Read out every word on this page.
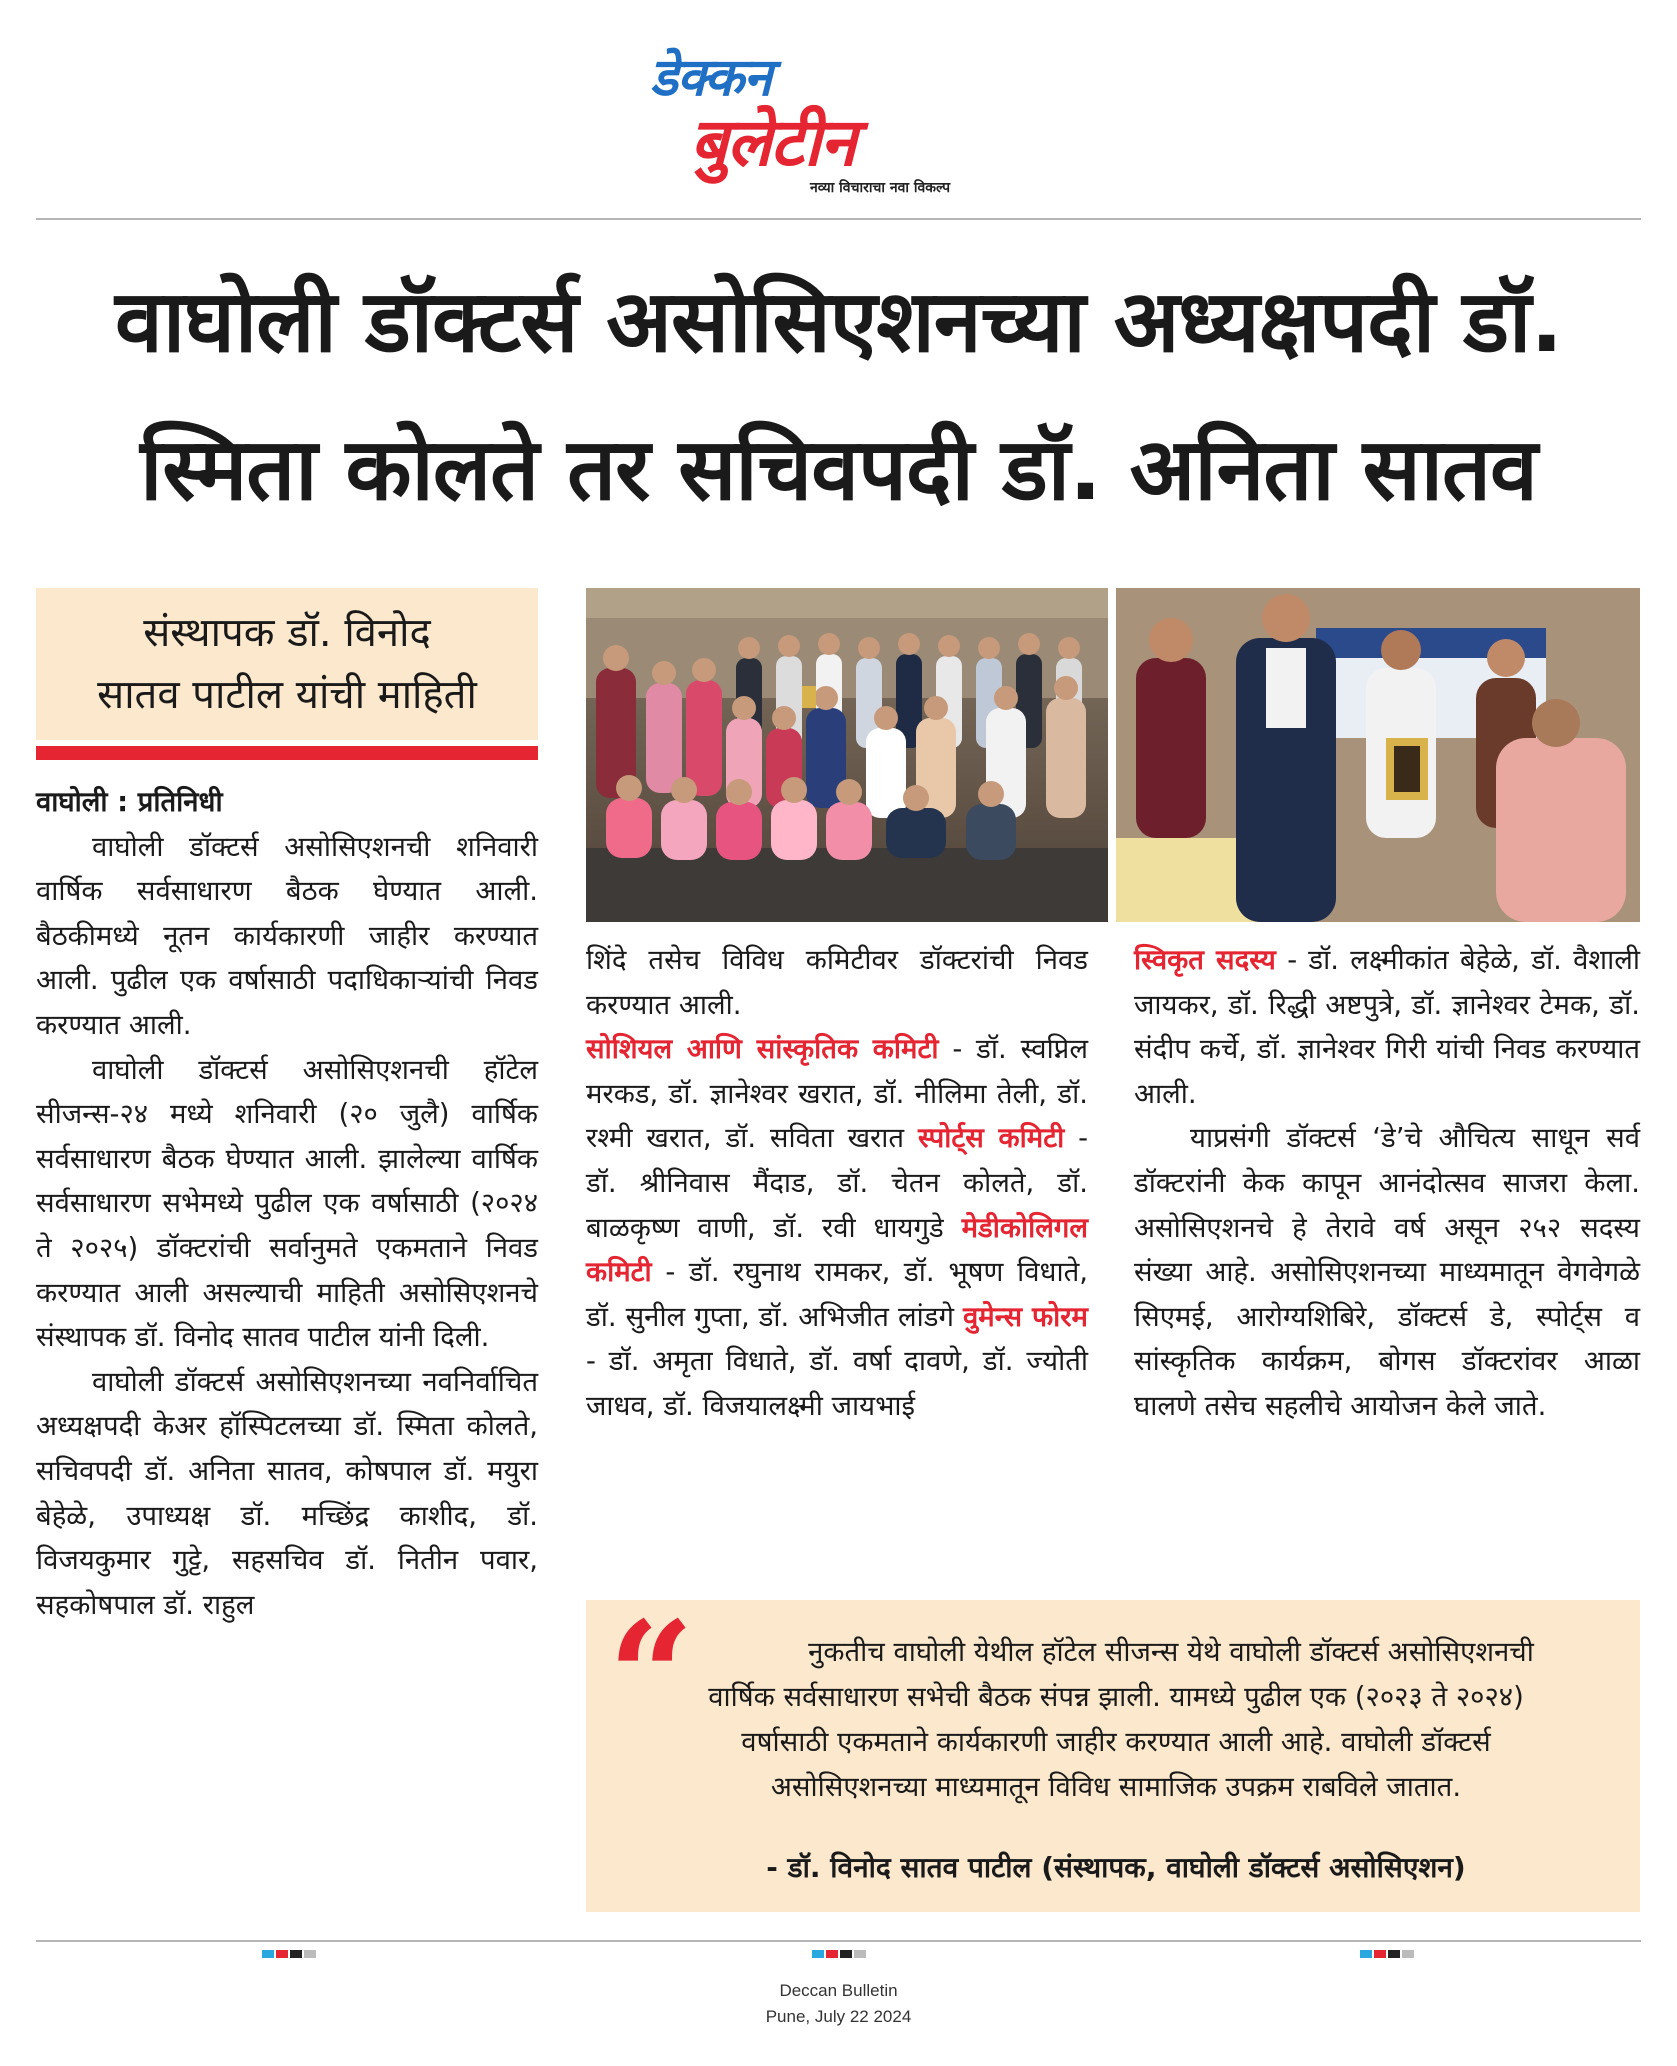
डेक्कन
बुलेटीन
नव्या विचाराचा नवा विकल्प
वाघोली डॉक्टर्स असोसिएशनच्या अध्यक्षपदी डॉ.
स्मिता कोलते तर सचिवपदी डॉ. अनिता सातव
संस्थापक डॉ. विनोद
सातव पाटील यांची माहिती

वाघोली : प्रतिनिधी

वाघोली डॉक्टर्स असोसिएशनची शनिवारी वार्षिक सर्वसाधारण बैठक घेण्यात आली. बैठकीमध्ये नूतन कार्यकारणी जाहीर करण्यात आली. पुढील एक वर्षासाठी पदाधिकाऱ्यांची निवड करण्यात आली.

वाघोली डॉक्टर्स असोसिएशनची हॉटेल सीजन्स-२४ मध्ये शनिवारी (२० जुलै) वार्षिक सर्वसाधारण बैठक घेण्यात आली. झालेल्या वार्षिक सर्वसाधारण सभेमध्ये पुढील एक वर्षासाठी (२०२४ ते २०२५) डॉक्टरांची सर्वानुमते एकमताने निवड करण्यात आली असल्याची माहिती असोसिएशनचे संस्थापक डॉ. विनोद सातव पाटील यांनी दिली.

वाघोली डॉक्टर्स असोसिएशनच्या नवनिर्वाचित अध्यक्षपदी केअर हॉस्पिटलच्या डॉ. स्मिता कोलते, सचिवपदी डॉ. अनिता सातव, कोषपाल डॉ. मयुरा बेहेळे, उपाध्यक्ष डॉ. मच्छिंद्र काशीद, डॉ. विजयकुमार गुट्टे, सहसचिव डॉ. नितीन पवार, सहकोषपाल डॉ. राहुल

शिंदे तसेच विविध कमिटीवर डॉक्टरांची निवड करण्यात आली.
सोशियल आणि सांस्कृतिक कमिटी - डॉ. स्वप्निल मरकड, डॉ. ज्ञानेश्वर खरात, डॉ. नीलिमा तेली, डॉ. रश्मी खरात, डॉ. सविता खरात स्पोर्ट्स कमिटी - डॉ. श्रीनिवास मैंदाड, डॉ. चेतन कोलते, डॉ. बाळकृष्ण वाणी, डॉ. रवी धायगुडे मेडीकोलिगल कमिटी - डॉ. रघुनाथ रामकर, डॉ. भूषण विधाते, डॉ. सुनील गुप्ता, डॉ. अभिजीत लांडगे वुमेन्स फोरम - डॉ. अमृता विधाते, डॉ. वर्षा दावणे, डॉ. ज्योती जाधव, डॉ. विजयालक्ष्मी जायभाई

स्विकृत सदस्य - डॉ. लक्ष्मीकांत बेहेळे, डॉ. वैशाली जायकर, डॉ. रिद्धी अष्टपुत्रे, डॉ. ज्ञानेश्वर टेमक, डॉ. संदीप कर्चे, डॉ. ज्ञानेश्वर गिरी यांची निवड करण्यात आली.

याप्रसंगी डॉक्टर्स ‘डे’चे औचित्य साधून सर्व डॉक्टरांनी केक कापून आनंदोत्सव साजरा केला. असोसिएशनचे हे तेरावे वर्ष असून २५२ सदस्य संख्या आहे. असोसिएशनच्या माध्यमातून वेगवेगळे सिएमई, आरोग्यशिबिरे, डॉक्टर्स डे, स्पोर्ट्स व सांस्कृतिक कार्यक्रम, बोगस डॉक्टरांवर आळा घालणे तसेच सहलीचे आयोजन केले जाते.

“	नुकतीच वाघोली येथील हॉटेल सीजन्स येथे वाघोली डॉक्टर्स असोसिएशनची
वार्षिक सर्वसाधारण सभेची बैठक संपन्न झाली. यामध्ये पुढील एक (२०२३ ते २०२४)
वर्षासाठी एकमताने कार्यकारणी जाहीर करण्यात आली आहे. वाघोली डॉक्टर्स
असोसिएशनच्या माध्यमातून विविध सामाजिक उपक्रम राबविले जातात.
- डॉ. विनोद सातव पाटील (संस्थापक, वाघोली डॉक्टर्स असोसिएशन)
Deccan Bulletin
Pune, July 22 2024
